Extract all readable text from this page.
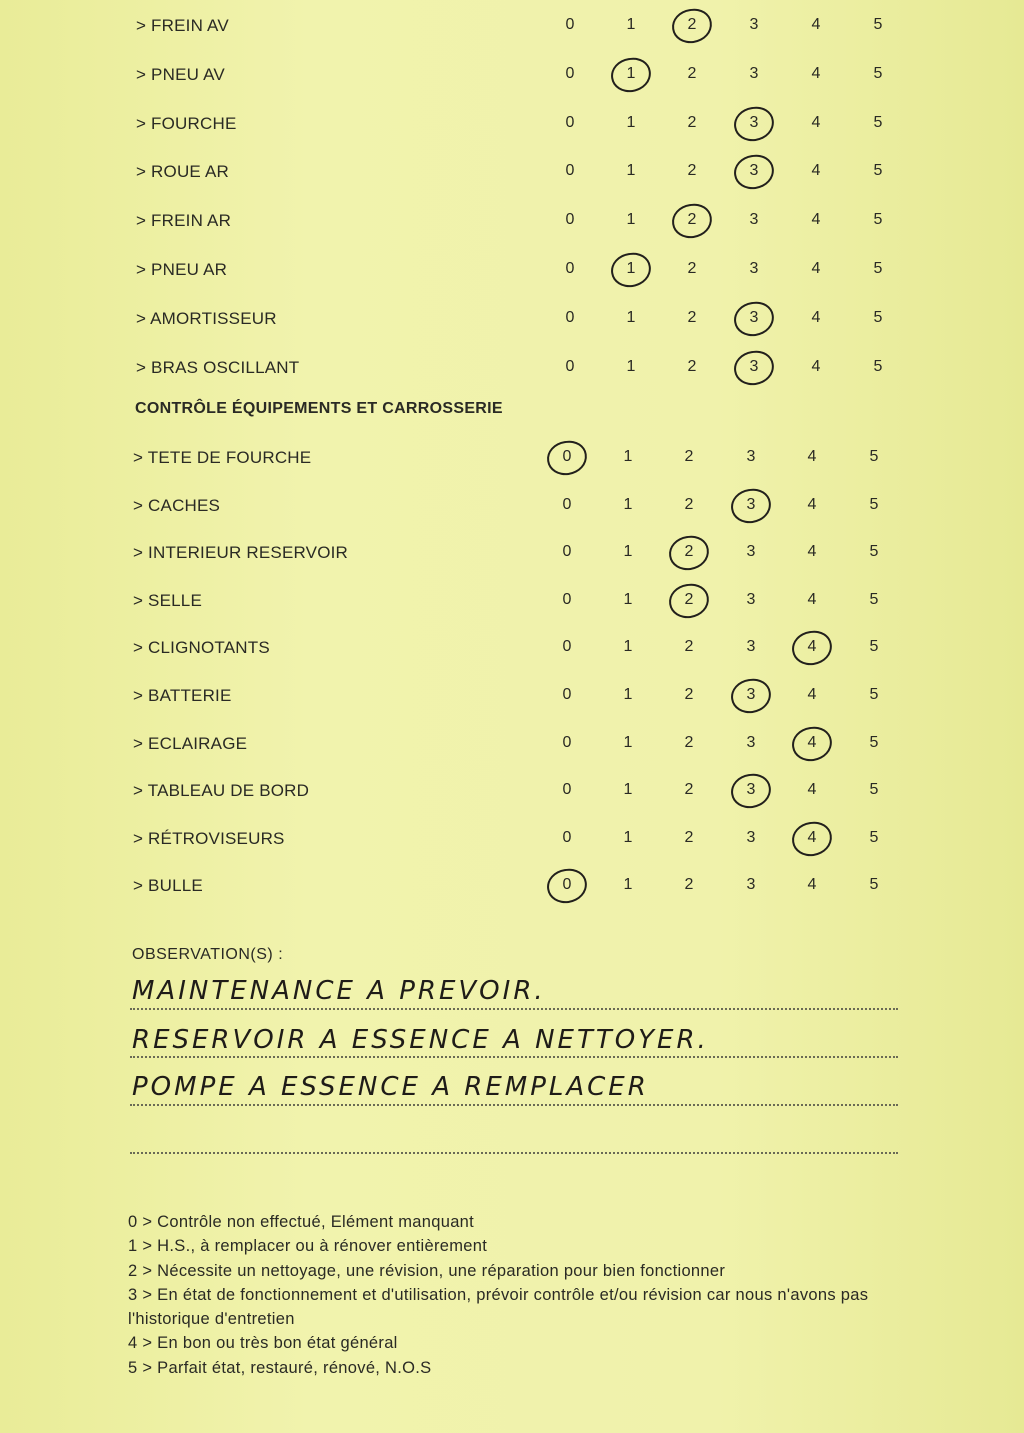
> FREIN AV	0	1	2	3	4	5
> PNEU AV	0	1	2	3	4	5
> FOURCHE	0	1	2	3	4	5
> ROUE AR	0	1	2	3	4	5
> FREIN AR	0	1	2	3	4	5
> PNEU AR	0	1	2	3	4	5
> AMORTISSEUR	0	1	2	3	4	5
> BRAS OSCILLANT	0	1	2	3	4	5
CONTRÔLE ÉQUIPEMENTS ET CARROSSERIE
> TETE DE FOURCHE	0	1	2	3	4	5
> CACHES	0	1	2	3	4	5
> INTERIEUR RESERVOIR	0	1	2	3	4	5
> SELLE	0	1	2	3	4	5
> CLIGNOTANTS	0	1	2	3	4	5
> BATTERIE	0	1	2	3	4	5
> ECLAIRAGE	0	1	2	3	4	5
> TABLEAU DE BORD	0	1	2	3	4	5
> RÉTROVISEURS	0	1	2	3	4	5
> BULLE	0	1	2	3	4	5
OBSERVATION(S) :
MAINTENANCE A PREVOIR.
RESERVOIR A ESSENCE A NETTOYER.
POMPE A ESSENCE A REMPLACER
0 > Contrôle non effectué, Elément manquant
1 > H.S., à remplacer ou à rénover entièrement
2 > Nécessite un nettoyage, une révision, une réparation pour bien fonctionner
3 > En état de fonctionnement et d'utilisation, prévoir contrôle et/ou révision car nous n'avons pas l'historique d'entretien
4 > En bon ou très bon état général
5 > Parfait état, restauré, rénové, N.O.S
